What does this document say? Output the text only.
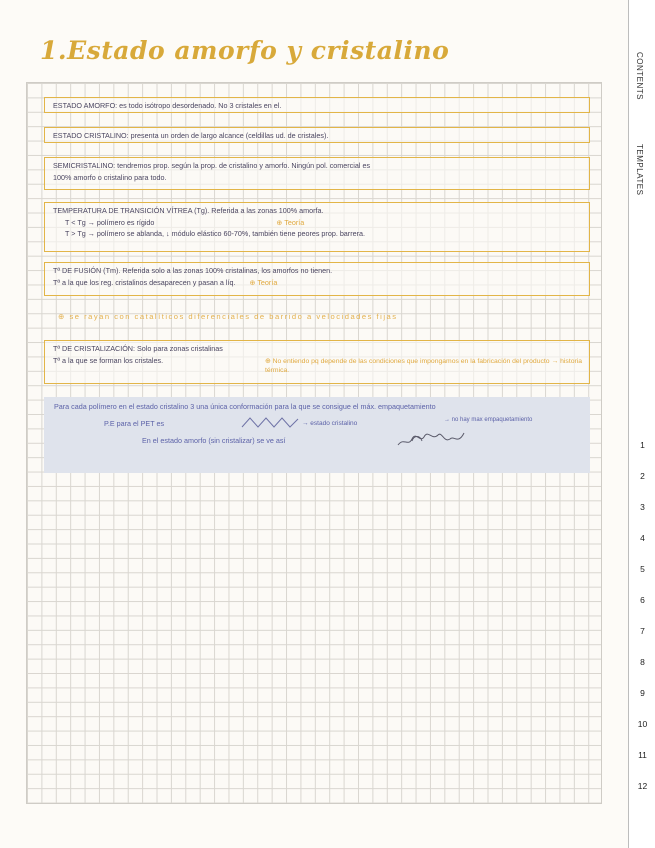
1.Estado amorfo y cristalino

ESTADO AMORFO: es todo isótropo desordenado. No 3 cristales en el.

ESTADO CRISTALINO: presenta un orden de largo alcance (celdillas ud. de cristales).

SEMICRISTALINO: tendremos prop. según la prop. de cristalino y amorfo. Ningún pol. comercial es

100% amorfo o cristalino para todo.

TEMPERATURA DE TRANSICIÓN VÍTREA (Tg). Referida a las zonas 100% amorfa.

T < Tg → polímero es rígido	⊕ Teoría

T > Tg → polímero se ablanda, ↓ módulo elástico 60-70%, también tiene peores prop. barrera.

Tª DE FUSIÓN (Tm). Referida solo a las zonas 100% cristalinas, los amorfos no tienen.

Tª a la que los reg. cristalinos desaparecen y pasan a líq. ⊕ Teoría

⊕ se rayan con catalíticos diferenciales de barrido a velocidades fijas

Tª DE CRISTALIZACIÓN: Solo para zonas cristalinas

Tª a la que se forman los cristales.	⊕ No entiendo pq depende de las condiciones que impongamos en la fabricación del producto → historia térmica.

Para cada polímero en el estado cristalino 3 una única conformación para la que se consigue el máx. empaquetamiento

P.E para el PET es	→ estado cristalino	→ no hay max empaquetamiento
En el estado amorfo (sin cristalizar) se ve así
CONTENTS
TEMPLATES
1
2
3
4
5
6
7
8
9
10
11
12
